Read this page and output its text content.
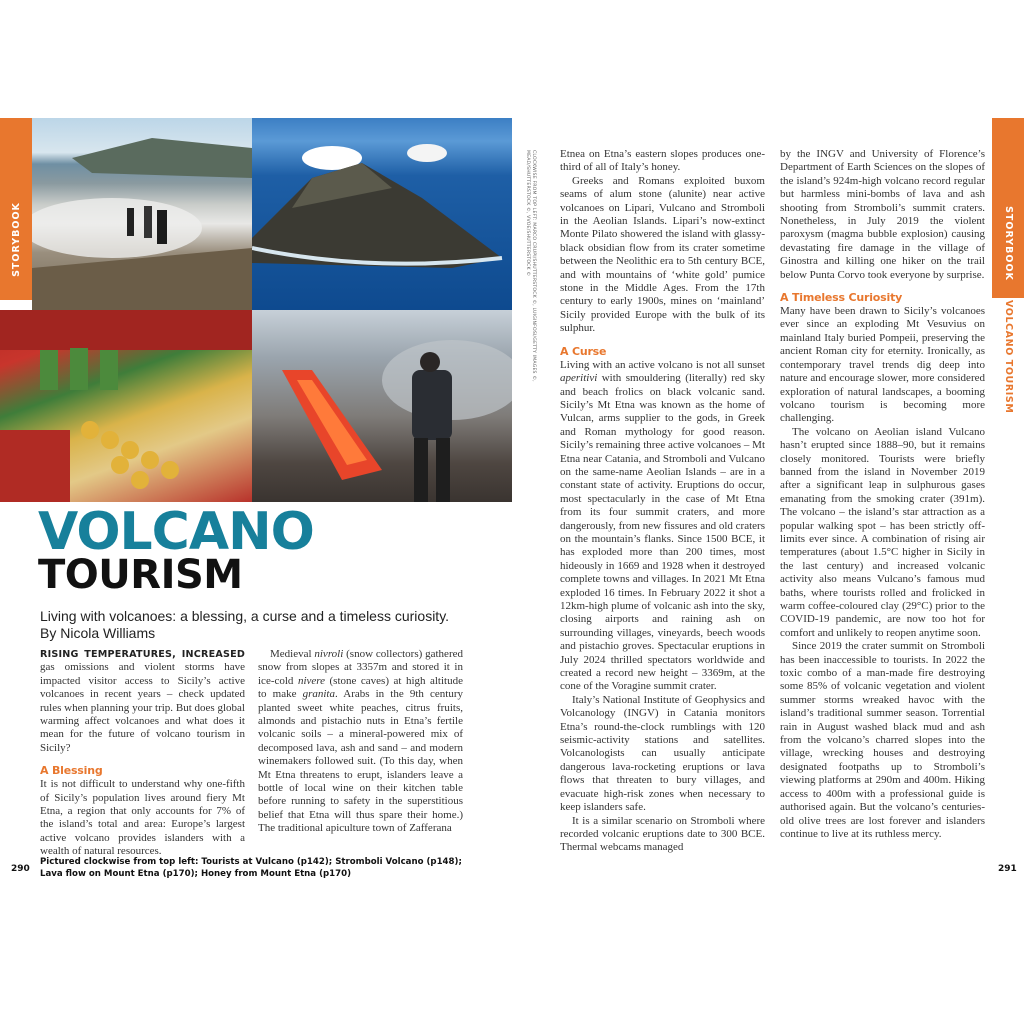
STORYBOOK	STORYBOOK
VOLCANO TOURISM
CLOCKWISE FROM TOP LEFT: MARCO CRUPI/SHUTTERSTOCK ©, LUIGINFOSI/GETTY IMAGES ©,
MEAD/SHUTTERSTOCK ©, VVOE/SHUTTERSTOCK ©
VOLCANO
TOURISM
Living with volcanoes: a blessing, a curse and a timeless curiosity.
By Nicola Williams

RISING TEMPERATURES, INCREASED gas omissions and violent storms have impacted visitor access to Sicily’s active volcanoes in recent years – check updated rules when planning your trip. But does global warming affect volcanoes and what does it mean for the future of volcano tourism in Sicily?

A Blessing

It is not difficult to understand why one-fifth of Sicily’s population lives around fiery Mt Etna, a region that only accounts for 7% of the island’s total and area: Europe’s largest active volcano provides islanders with a wealth of natural resources.

Medieval nivroli (snow collectors) gathered snow from slopes at 3357m and stored it in ice-cold nivere (stone caves) at high altitude to make granita. Arabs in the 9th century planted sweet white peaches, citrus fruits, almonds and pistachio nuts in Etna’s fertile volcanic soils – a mineral-powered mix of decomposed lava, ash and sand – and modern winemakers followed suit. (To this day, when Mt Etna threatens to erupt, islanders leave a bottle of local wine on their kitchen table before running to safety in the superstitious belief that Etna will thus spare their home.) The traditional apiculture town of Zafferana

Etnea on Etna’s eastern slopes produces one-third of all of Italy’s honey.

Greeks and Romans exploited buxom seams of alum stone (alunite) near active volcanoes on Lipari, Vulcano and Stromboli in the Aeolian Islands. Lipari’s now-extinct Monte Pilato showered the island with glassy-black obsidian flow from its crater sometime between the Neolithic era to 5th century BCE, and with mountains of ‘white gold’ pumice stone in the Middle Ages. From the 17th century to early 1900s, mines on ‘mainland’ Sicily provided Europe with the bulk of its sulphur.

A Curse

Living with an active volcano is not all sunset aperitivi with smouldering (literally) red sky and beach frolics on black volcanic sand. Sicily’s Mt Etna was known as the home of Vulcan, arms supplier to the gods, in Greek and Roman mythology for good reason. Sicily’s remaining three active volcanoes – Mt Etna near Catania, and Stromboli and Vulcano on the same-name Aeolian Islands – are in a constant state of activity. Eruptions do occur, most spectacularly in the case of Mt Etna from its four summit craters, and more dangerously, from new fissures and old craters on the mountain’s flanks. Since 1500 BCE, it has exploded more than 200 times, most hideously in 1669 and 1928 when it destroyed complete towns and villages. In 2021 Mt Etna exploded 16 times. In February 2022 it shot a 12km-high plume of volcanic ash into the sky, closing airports and raining ash on surrounding villages, vineyards, beech woods and pistachio groves. Spectacular eruptions in July 2024 thrilled spectators worldwide and created a record new height – 3369m, at the cone of the Voragine summit crater.

Italy’s National Institute of Geophysics and Volcanology (INGV) in Catania monitors Etna’s round-the-clock rumblings with 120 seismic-activity stations and satellites. Volcanologists can usually anticipate dangerous lava-rocketing eruptions or lava flows that threaten to bury villages, and evacuate high-risk zones when necessary to keep islanders safe.

It is a similar scenario on Stromboli where recorded volcanic eruptions date to 300 BCE. Thermal webcams managed

by the INGV and University of Florence’s Department of Earth Sciences on the slopes of the island’s 924m-high volcano record regular but harmless mini-bombs of lava and ash shooting from Stromboli’s summit craters. Nonetheless, in July 2019 the violent paroxysm (magma bubble explosion) causing devastating fire damage in the village of Ginostra and killing one hiker on the trail below Punta Corvo took everyone by surprise.

A Timeless Curiosity

Many have been drawn to Sicily’s volcanoes ever since an exploding Mt Vesuvius on mainland Italy buried Pompeii, preserving the ancient Roman city for eternity. Ironically, as contemporary travel trends dig deep into nature and encourage slower, more considered exploration of natural landscapes, a booming volcano tourism is becoming more challenging.

The volcano on Aeolian island Vulcano hasn’t erupted since 1888–90, but it remains closely monitored. Tourists were briefly banned from the island in November 2019 after a significant leap in sulphurous gases emanating from the smoking crater (391m). The volcano – the island’s star attraction as a popular walking spot – has been strictly off-limits ever since. A combination of rising air temperatures (about 1.5°C higher in Sicily in the last century) and increased volcanic activity also means Vulcano’s famous mud baths, where tourists rolled and frolicked in warm coffee-coloured clay (29°C) prior to the COVID-19 pandemic, are now too hot for comfort and unlikely to reopen anytime soon.

Since 2019 the crater summit on Stromboli has been inaccessible to tourists. In 2022 the toxic combo of a man-made fire destroying some 85% of volcanic vegetation and violent summer storms wreaked havoc with the island’s traditional summer season. Torrential rain in August washed black mud and ash from the volcano’s charred slopes into the village, wrecking houses and destroying designated footpaths up to Stromboli’s viewing platforms at 290m and 400m. Hiking access to 400m with a professional guide is authorised again. But the volcano’s centuries-old olive trees are lost forever and islanders continue to live at its ruthless mercy.

Pictured clockwise from top left: Tourists at Vulcano (p142); Stromboli Volcano (p148); Lava flow on Mount Etna (p170); Honey from Mount Etna (p170)
290	291
